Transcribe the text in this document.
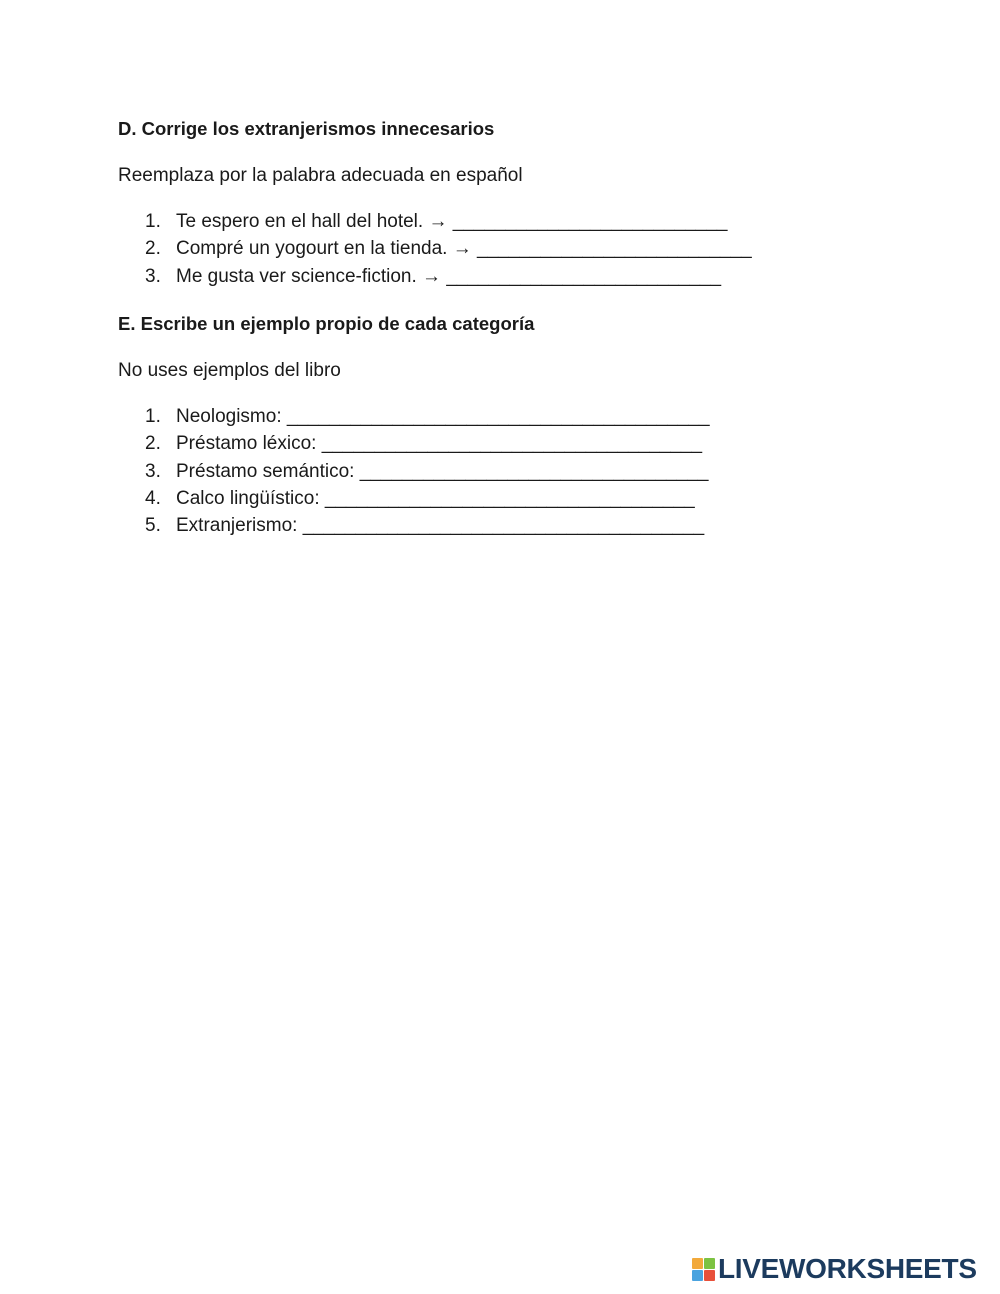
D. Corrige los extranjerismos innecesarios
Reemplaza por la palabra adecuada en español
1. Te espero en el hall del hotel. → __________________________
2. Compré un yogourt en la tienda. → __________________________
3. Me gusta ver science-fiction. → __________________________
E. Escribe un ejemplo propio de cada categoría
No uses ejemplos del libro
1. Neologismo: ________________________________________
2. Préstamo léxico: ____________________________________
3. Préstamo semántico: _________________________________
4. Calco lingüístico: ___________________________________
5. Extranjerismo: ______________________________________
LIVEWORKSHEETS
